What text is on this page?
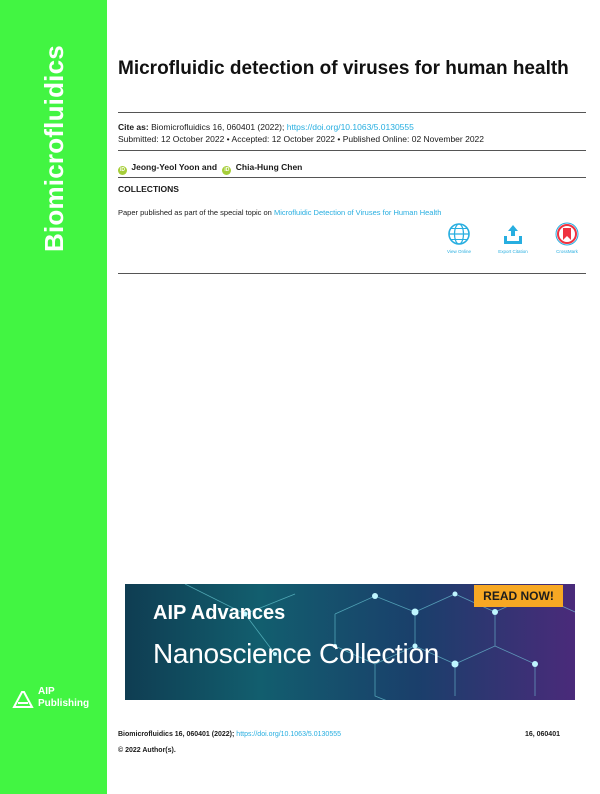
Biomicrofluidics
AIP
Publishing
Microfluidic detection of viruses for human health
Cite as: Biomicrofluidics 16, 060401 (2022); https://doi.org/10.1063/5.0130555
Submitted: 12 October 2022 • Accepted: 12 October 2022 • Published Online: 02 November 2022
iD Jeong-Yeol Yoon and iD Chia-Hung Chen
COLLECTIONS
Paper published as part of the special topic on Microfluidic Detection of Viruses for Human Health
View Online	Export Citation	CrossMark
AIP Advances
Nanoscience Collection
READ NOW!
Biomicrofluidics 16, 060401 (2022); https://doi.org/10.1063/5.0130555	16, 060401
© 2022 Author(s).
